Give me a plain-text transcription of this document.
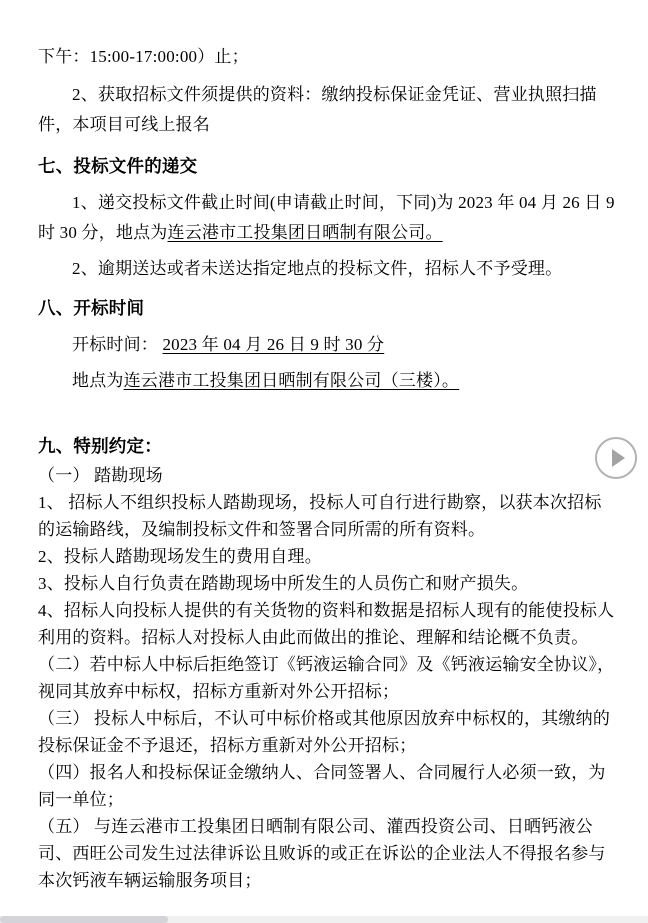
下午：15:00-17:00:00）止；

2、获取招标文件须提供的资料：缴纳投标保证金凭证、营业执照扫描件，本项目可线上报名

七、投标文件的递交

1、递交投标文件截止时间(申请截止时间，下同)为 2023 年 04 月 26 日 9 时 30 分，地点为连云港市工投集团日晒制有限公司。

2、逾期送达或者未送达指定地点的投标文件，招标人不予受理。

八、开标时间

开标时间： 2023 年 04 月 26 日 9 时 30 分

地点为连云港市工投集团日晒制有限公司（三楼）。

九、特别约定：

（一） 踏勘现场

1、 招标人不组织投标人踏勘现场，投标人可自行进行勘察，以获本次招标的运输路线，及编制投标文件和签署合同所需的所有资料。

2、投标人踏勘现场发生的费用自理。

3、投标人自行负责在踏勘现场中所发生的人员伤亡和财产损失。

4、招标人向投标人提供的有关货物的资料和数据是招标人现有的能使投标人利用的资料。招标人对投标人由此而做出的推论、理解和结论概不负责。

（二）若中标人中标后拒绝签订《钙液运输合同》及《钙液运输安全协议》，视同其放弃中标权，招标方重新对外公开招标；

（三） 投标人中标后，不认可中标价格或其他原因放弃中标权的，其缴纳的投标保证金不予退还，招标方重新对外公开招标；

（四）报名人和投标保证金缴纳人、合同签署人、合同履行人必须一致，为同一单位；

（五） 与连云港市工投集团日晒制有限公司、灌西投资公司、日晒钙液公司、西旺公司发生过法律诉讼且败诉的或正在诉讼的企业法人不得报名参与本次钙液车辆运输服务项目；
